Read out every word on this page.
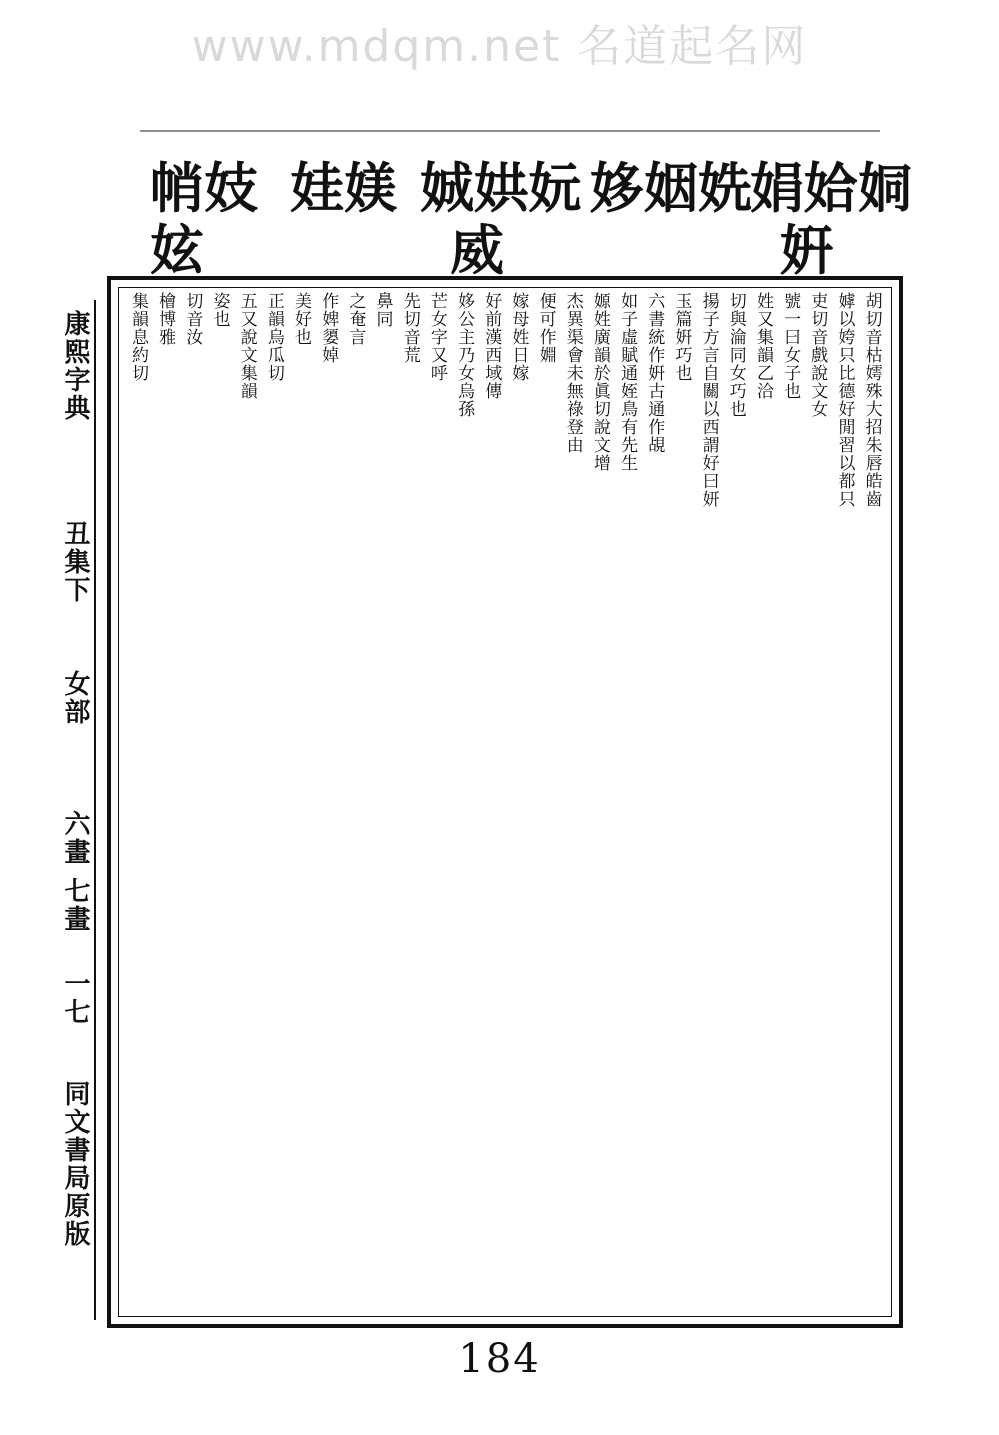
www.mdqm.net 名道起名网
帩妓
妶
娃媄 娍娂妧
威
姼姻姺
娟姶姛
姸
康熙字典
丑集下
女部
六畫 七畫
一七
同文書局原版
胡切音枯嫮殊大招朱唇皓齒
嫭以姱只比德好閒習以都只
吏切音戲說文女
號一曰女子也
姓又集韻乙洽
切與淪同女巧也
揚子方言自關以西謂好曰妍
玉篇姸巧也
六書統作姸古通作覘
如子虛賦通姪鳥有先生
嫄姓廣韻於眞切說文增
杰異渠會未無祿登由
便可作婣
嫁母姓日嫁
好前漢西域傳
姼公主乃女烏孫
芒女字又呼
先切音荒
鼻同
之奄言
作婢嬃婥
美好也
正韻烏瓜切
五又說文集韻
姿也
切音汝
檜博雅
集韻息約切
184
